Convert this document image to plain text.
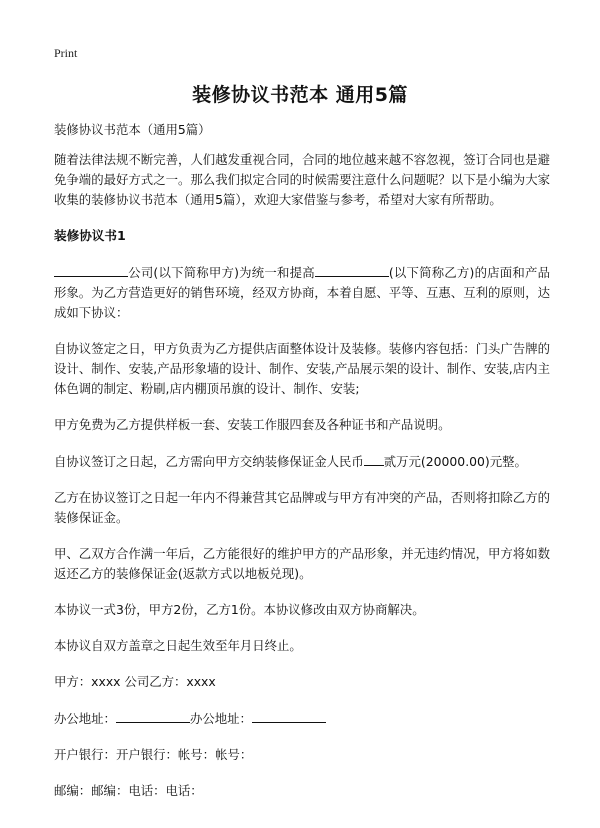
Print
装修协议书范本 通用5篇

装修协议书范本（通用5篇）

随着法律法规不断完善，人们越发重视合同，合同的地位越来越不容忽视，签订合同也是避免争端的最好方式之一。那么我们拟定合同的时候需要注意什么问题呢？以下是小编为大家收集的装修协议书范本（通用5篇），欢迎大家借鉴与参考，希望对大家有所帮助。

装修协议书1

公司(以下简称甲方)为统一和提高	(以下简称乙方)的店面和产品形象。为乙方营造更好的销售环境，经双方协商，本着自愿、平等、互惠、互利的原则，达成如下协议：

自协议签定之日，甲方负责为乙方提供店面整体设计及装修。装修内容包括：门头广告牌的设计、制作、安装,产品形象墙的设计、制作、安装,产品展示架的设计、制作、安装,店内主体色调的制定、粉刷,店内棚顶吊旗的设计、制作、安装;

甲方免费为乙方提供样板一套、安装工作服四套及各种证书和产品说明。

自协议签订之日起，乙方需向甲方交纳装修保证金人民币 贰万元(20000.00)元整。

乙方在协议签订之日起一年内不得兼营其它品牌或与甲方有冲突的产品，否则将扣除乙方的装修保证金。

甲、乙双方合作满一年后，乙方能很好的维护甲方的产品形象，并无违约情况，甲方将如数返还乙方的装修保证金(返款方式以地板兑现)。

本协议一式3份，甲方2份，乙方1份。本协议修改由双方协商解决。

本协议自双方盖章之日起生效至年月日终止。

甲方：xxxx 公司乙方：xxxx

办公地址：	办公地址：

开户银行：开户银行：帐号：帐号：

邮编：邮编：电话：电话：
